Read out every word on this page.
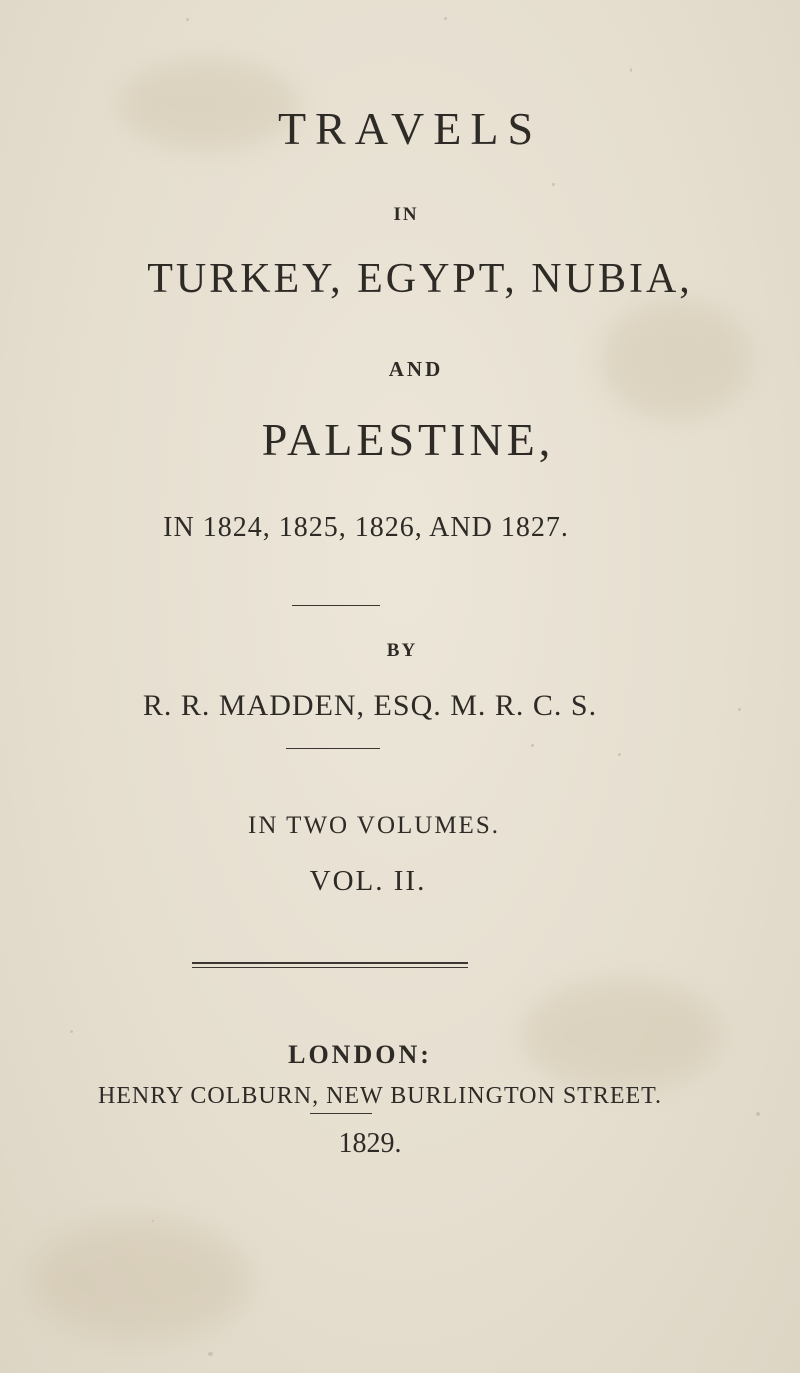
TRAVELS
IN
TURKEY, EGYPT, NUBIA,
AND
PALESTINE,
IN 1824, 1825, 1826, AND 1827.
BY
R. R. MADDEN, ESQ. M. R. C. S.
IN TWO VOLUMES.
VOL. II.
LONDON:
HENRY COLBURN, NEW BURLINGTON STREET.
1829.
